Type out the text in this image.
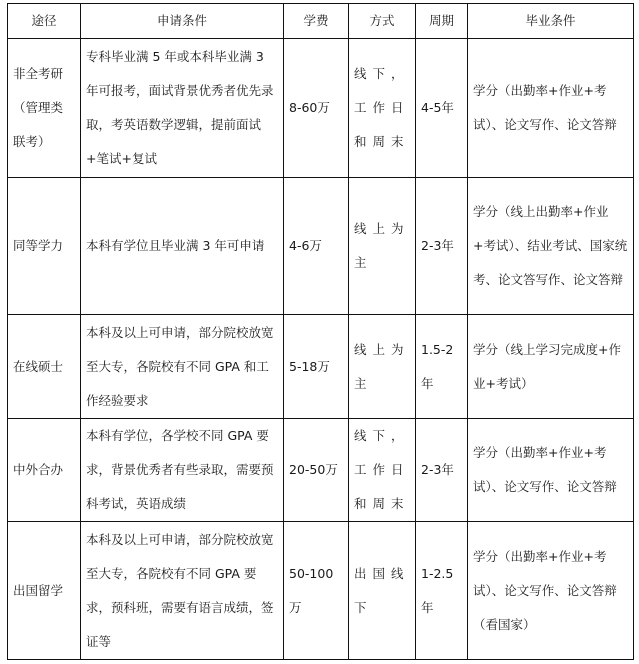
途径	申请条件	学费	方式	周期	毕业条件
非全考研（管理类联考）	专科毕业满 5 年或本科毕业满 3 年可报考，面试背景优秀者优先录取，考英语数学逻辑，提前面试+笔试+复试	8-60万	线下，工作日和周末	4-5年	学分（出勤率+作业+考试）、论文写作、论文答辩
同等学力	本科有学位且毕业满 3 年可申请	4-6万	线上为主	2-3年	学分（线上出勤率+作业+考试）、结业考试、国家统考、论文答写作、论文答辩
在线硕士	本科及以上可申请，部分院校放宽至大专，各院校有不同 GPA 和工作经验要求	5-18万	线上为主	1.5-2年	学分（线上学习完成度+作业+考试）
中外合办	本科有学位，各学校不同 GPA 要求，背景优秀者有些录取，需要预科考试，英语成绩	20-50万	线下，工作日和周末	2-3年	学分（出勤率+作业+考试）、论文写作、论文答辩
出国留学	本科及以上可申请，部分院校放宽至大专，各院校有不同 GPA 要求，预科班，需要有语言成绩，签证等	50-100万	出国线下	1-2.5年	学分（出勤率+作业+考试）、论文写作、论文答辩（看国家）
